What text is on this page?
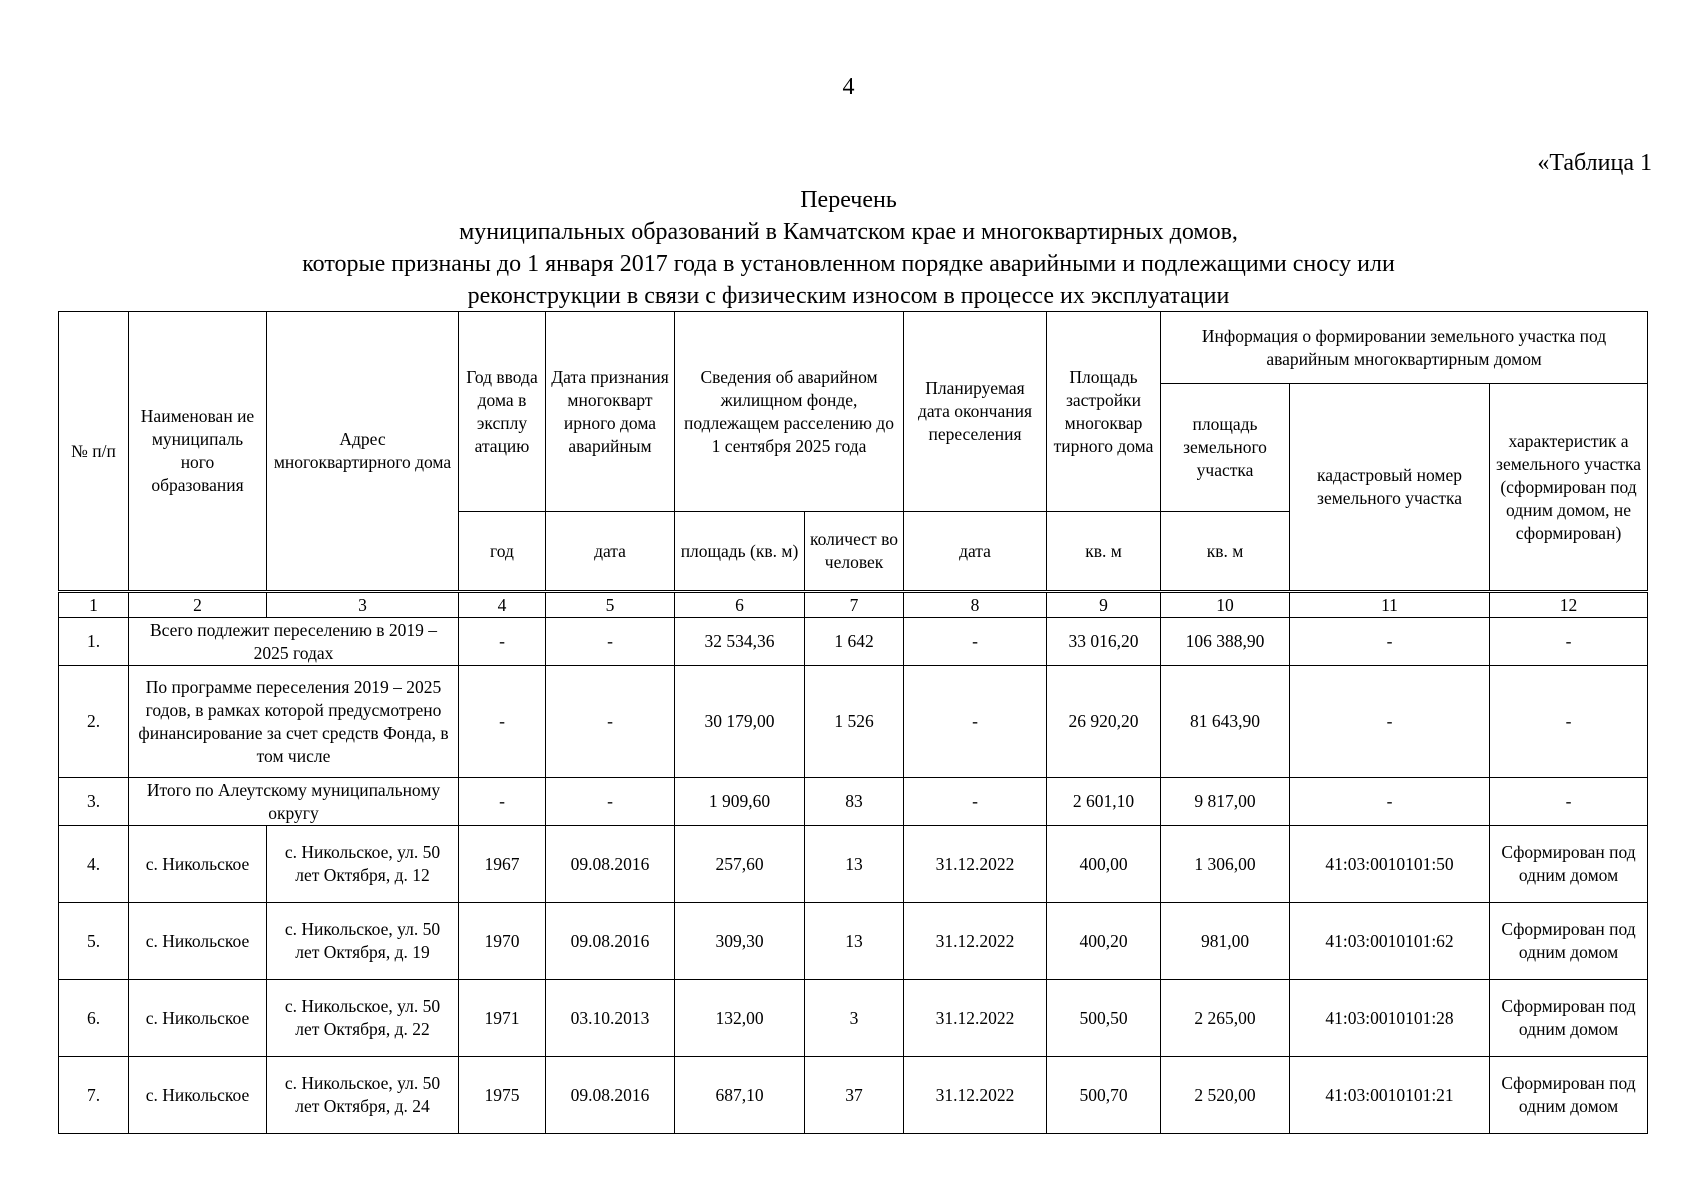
4
«Таблица 1
Перечень
муниципальных образований в Камчатском крае и многоквартирных домов,
которые признаны до 1 января 2017 года в установленном порядке аварийными и подлежащими сносу или
реконструкции в связи с физическим износом в процессе их эксплуатации
№ п/п	Наименован ие муниципаль ного образования	Адрес многоквартирного дома	Год ввода дома в эксплу атацию	Дата признания многокварт ирного дома аварийным	Сведения об аварийном жилищном фонде, подлежащем расселению до 1 сентября 2025 года		Планируемая дата окончания переселения	Площадь застройки многоквар тирного дома	Информация о формировании земельного участка под аварийным многоквартирным домом		
									площадь земельного участка	кадастровый номер земельного участка	характеристик а земельного участка (сформирован под одним домом, не сформирован)
			год	дата	площадь (кв. м)	количест во человек	дата	кв. м	кв. м		
1	2	3	4	5	6	7	8	9	10	11	12
1.	Всего подлежит переселению в 2019 – 2025 годах		-	-	32 534,36	1 642	-	33 016,20	106 388,90	-	-
2.	По программе переселения 2019 – 2025 годов, в рамках которой предусмотрено финансирование за счет средств Фонда, в том числе		-	-	30 179,00	1 526	-	26 920,20	81 643,90	-	-
3.	Итого по Алеутскому муниципальному округу		-	-	1 909,60	83	-	2 601,10	9 817,00	-	-
4.	с. Никольское	с. Никольское, ул. 50 лет Октября, д. 12	1967	09.08.2016	257,60	13	31.12.2022	400,00	1 306,00	41:03:0010101:50	Сформирован под одним домом
5.	с. Никольское	с. Никольское, ул. 50 лет Октября, д. 19	1970	09.08.2016	309,30	13	31.12.2022	400,20	981,00	41:03:0010101:62	Сформирован под одним домом
6.	с. Никольское	с. Никольское, ул. 50 лет Октября, д. 22	1971	03.10.2013	132,00	3	31.12.2022	500,50	2 265,00	41:03:0010101:28	Сформирован под одним домом
7.	с. Никольское	с. Никольское, ул. 50 лет Октября, д. 24	1975	09.08.2016	687,10	37	31.12.2022	500,70	2 520,00	41:03:0010101:21	Сформирован под одним домом
